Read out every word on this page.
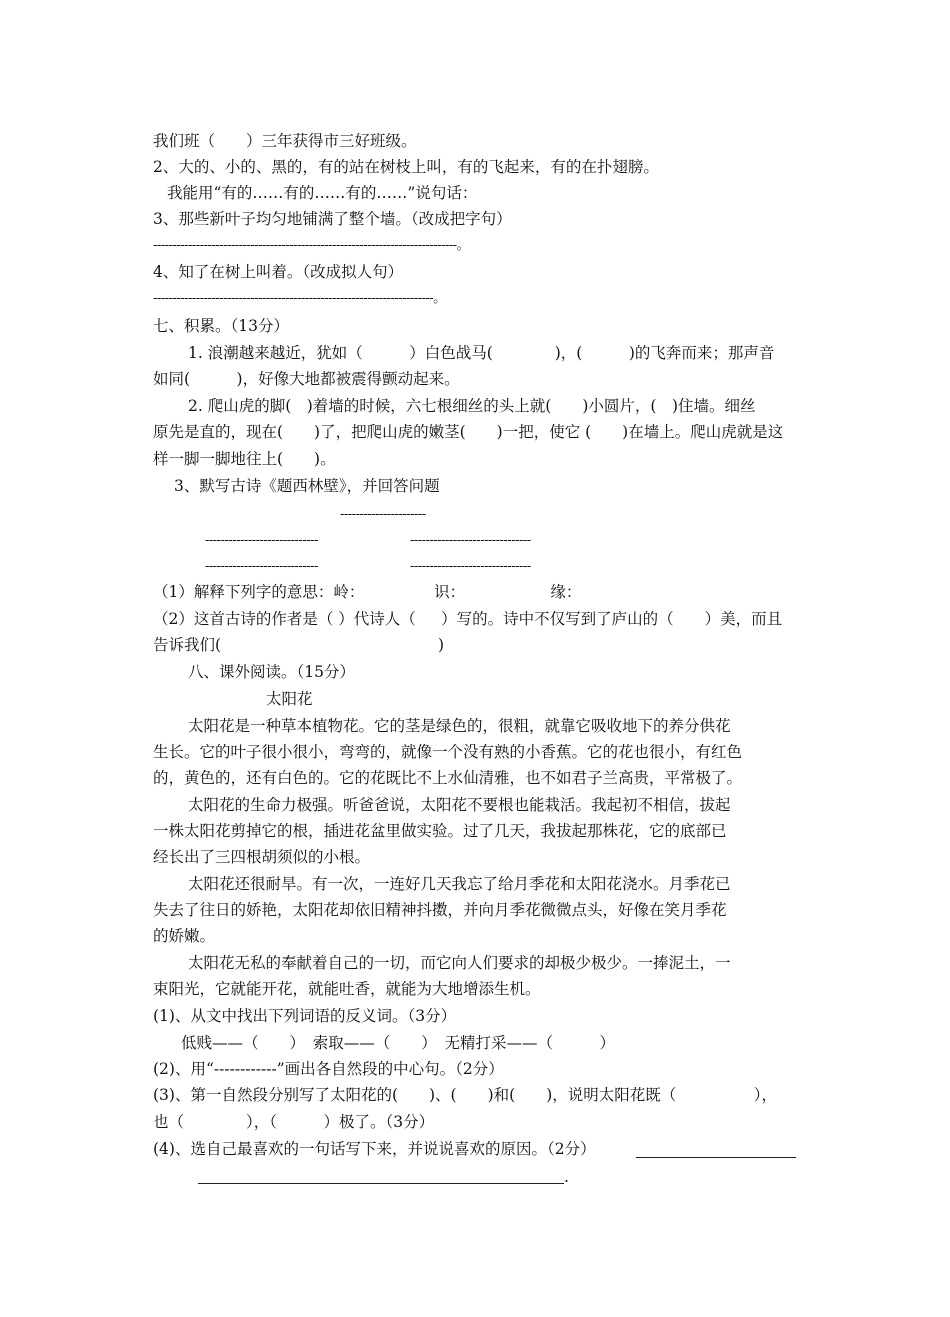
我们班（　　）三年获得市三好班级。
2、大的、小的、黑的，有的站在树枝上叫，有的飞起来，有的在扑翅膀。
我能用“有的……有的……有的……”说句话：
3、那些新叶子均匀地铺满了整个墙。（改成把字句）
------------------------------------------------------------------------------。
4、知了在树上叫着。（改成拟人句）
------------------------------------------------------------------------。
七、积累。（13分）
1. 浪潮越来越近，犹如（　　　）白色战马(　　　　)，(　　　)的飞奔而来；那声音
如同(　　　)，好像大地都被震得颤动起来。
2. 爬山虎的脚(　)着墙的时候，六七根细丝的头上就(　　)小圆片，(　)住墙。细丝
原先是直的，现在(　　)了，把爬山虎的嫩茎(　　)一把，使它 (　　)在墙上。爬山虎就是这
样一脚一脚地往上(　　)。
3、默写古诗《题西林壁》，并回答问题
----------------------
-----------------------------	-------------------------------
-----------------------------	-------------------------------
（1）解释下列字的意思：岭：　　　　　识：　　　　　　缘：
（2）这首古诗的作者是（ ）代诗人（　  ）写的。诗中不仅写到了庐山的（　　）美，而且
告诉我们(　　　　　　　　　　　　　　)
八、课外阅读。（15分）
太阳花
太阳花是一种草本植物花。它的茎是绿色的，很粗，就靠它吸收地下的养分供花
生长。它的叶子很小很小，弯弯的，就像一个没有熟的小香蕉。它的花也很小，有红色
的，黄色的，还有白色的。它的花既比不上水仙清雅，也不如君子兰高贵，平常极了。
太阳花的生命力极强。听爸爸说，太阳花不要根也能栽活。我起初不相信，拔起
一株太阳花剪掉它的根，插进花盆里做实验。过了几天，我拔起那株花，它的底部已
经长出了三四根胡须似的小根。
太阳花还很耐旱。有一次，一连好几天我忘了给月季花和太阳花浇水。月季花已
失去了往日的娇艳，太阳花却依旧精神抖擞，并向月季花微微点头，好像在笑月季花
的娇嫩。
太阳花无私的奉献着自己的一切，而它向人们要求的却极少极少。一捧泥土，一
束阳光，它就能开花，就能吐香，就能为大地增添生机。
(1)、从文中找出下列词语的反义词。（3分）
低贱——（　　）　索取——（　　）　无精打采——（　　　）
(2)、用“------------”画出各自然段的中心句。（2分）
(3)、第一自然段分别写了太阳花的(　　)、(　　)和(　　)，说明太阳花既（　　　　　），
也（　　　　），（　　　）极了。（3分）
(4)、选自己最喜欢的一句话写下来，并说说喜欢的原因。（2分）
.
